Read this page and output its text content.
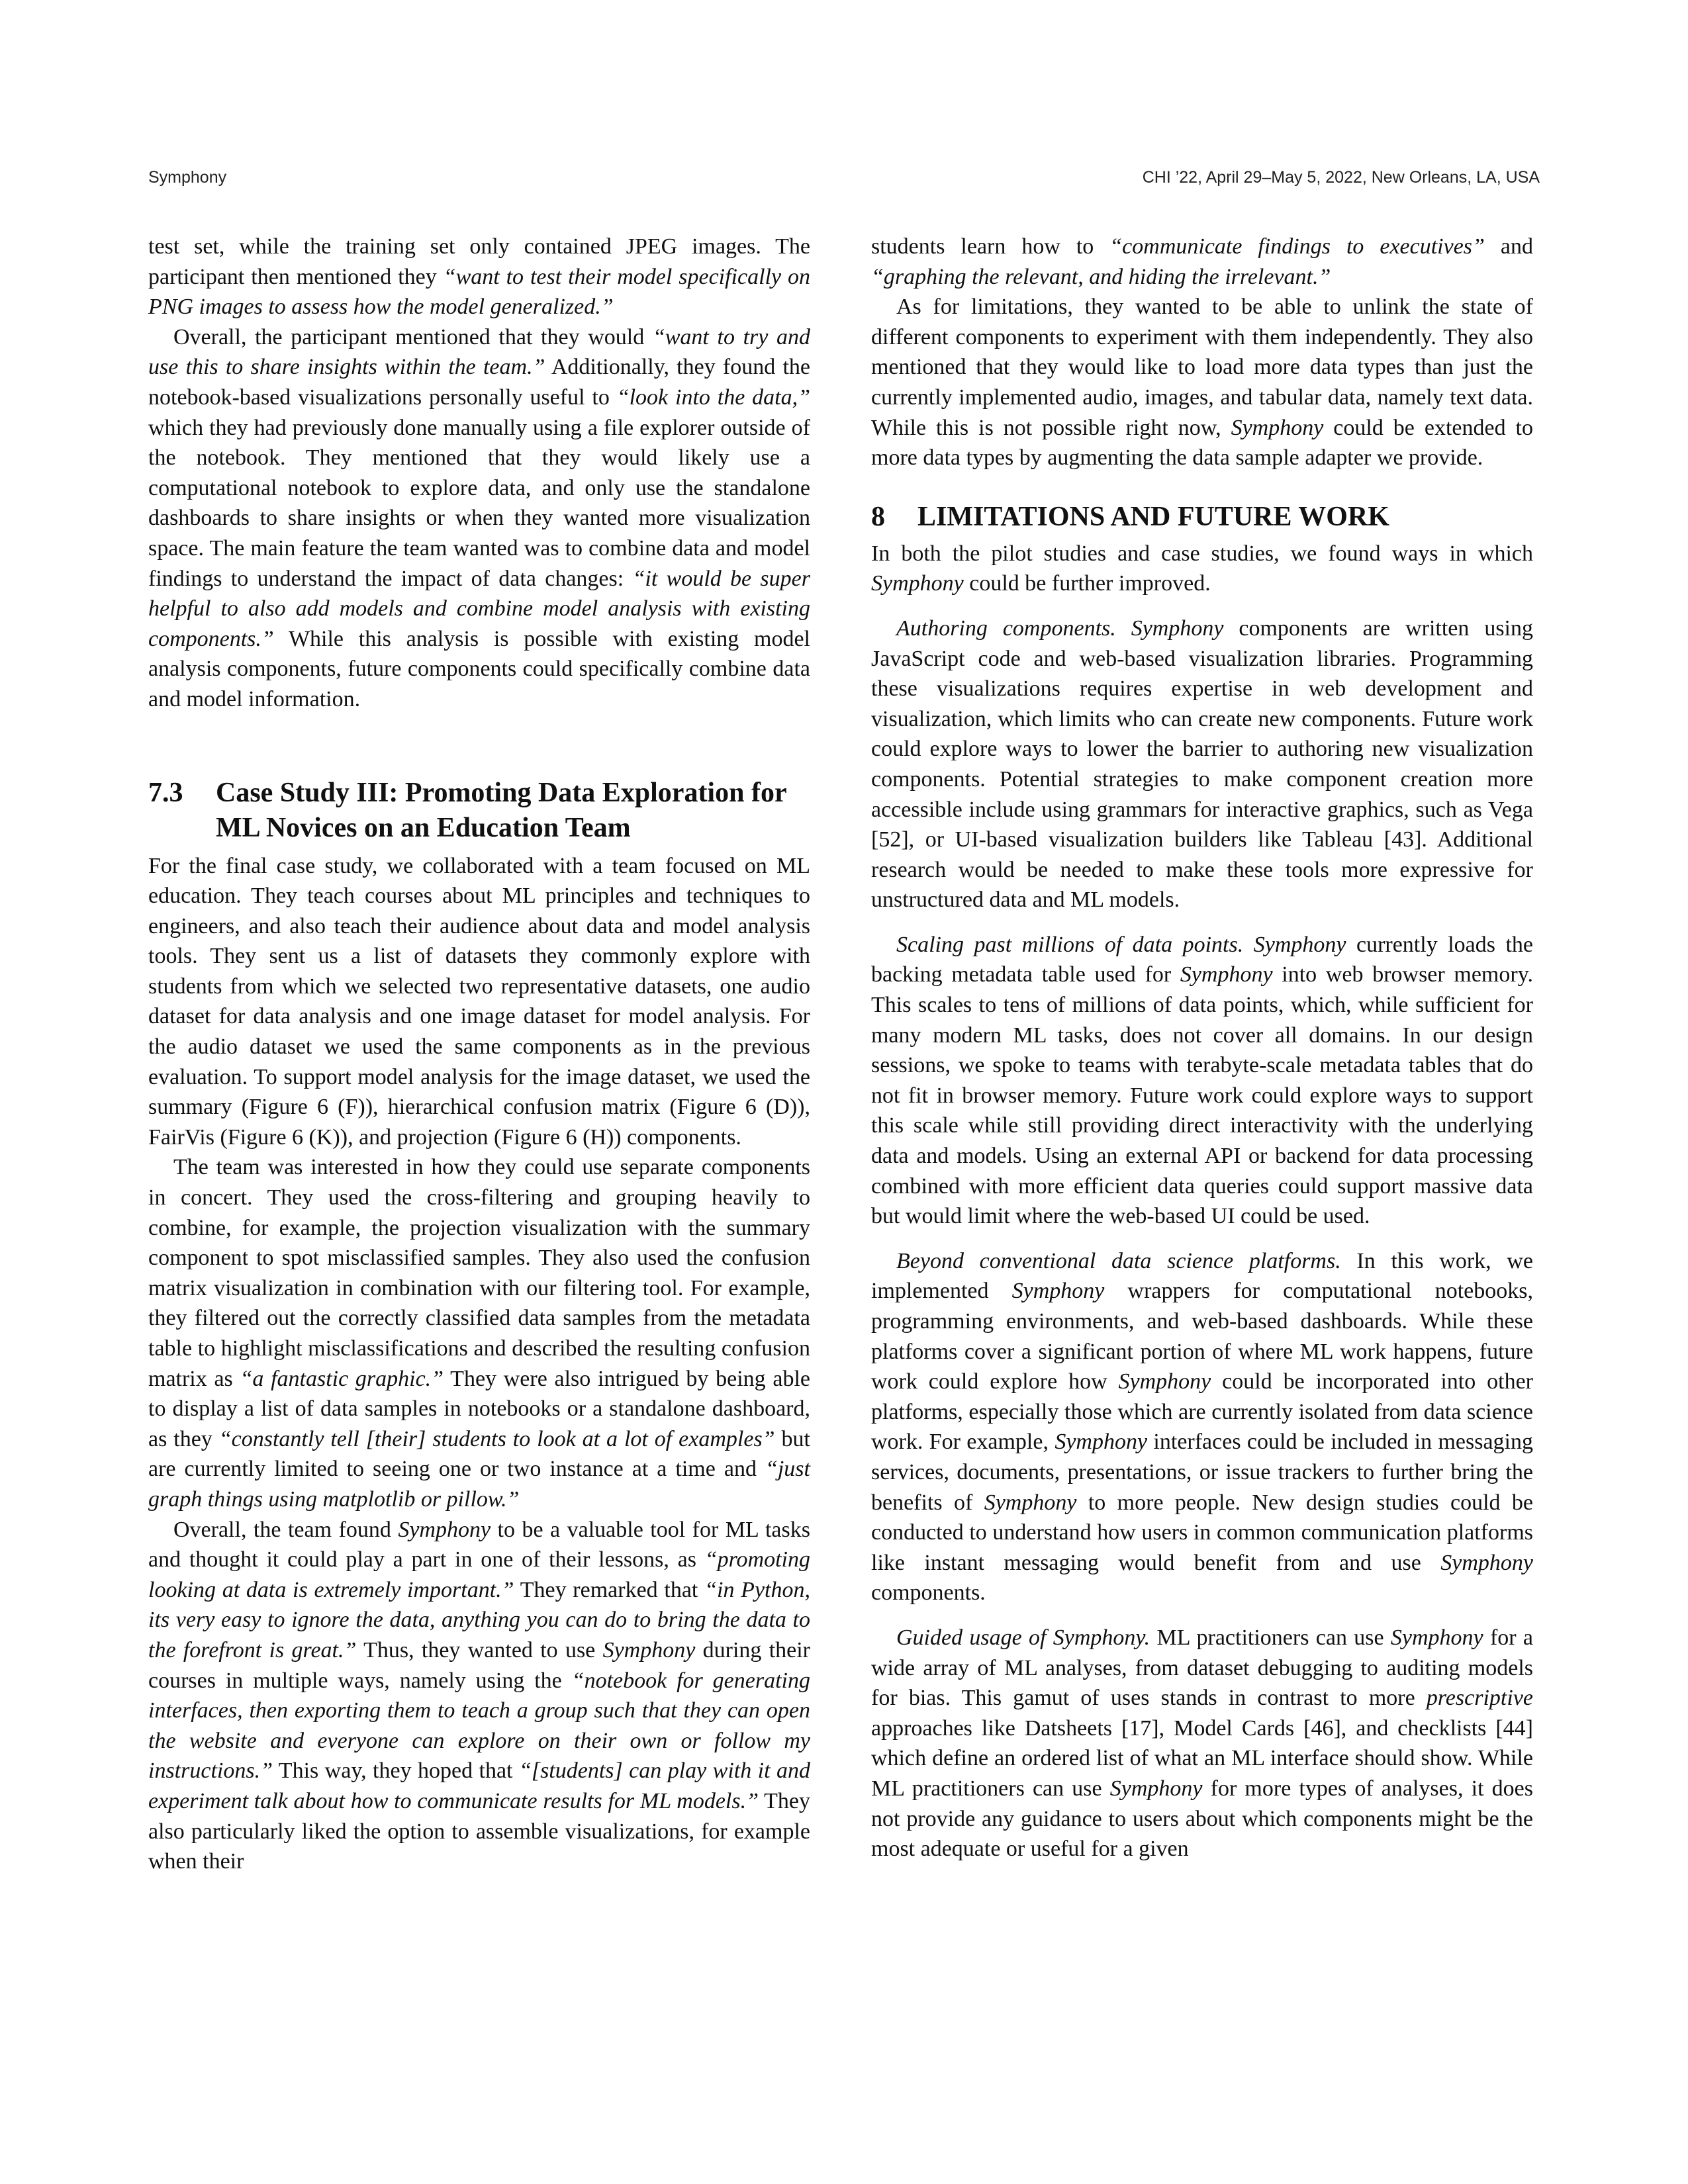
Symphony	CHI ’22, April 29–May 5, 2022, New Orleans, LA, USA

test set, while the training set only contained JPEG images. The participant then mentioned they “want to test their model specifically on PNG images to assess how the model generalized.”

Overall, the participant mentioned that they would “want to try and use this to share insights within the team.” Additionally, they found the notebook-based visualizations personally useful to “look into the data,” which they had previously done manually using a file explorer outside of the notebook. They mentioned that they would likely use a computational notebook to explore data, and only use the standalone dashboards to share insights or when they wanted more visualization space. The main feature the team wanted was to combine data and model findings to understand the impact of data changes: “it would be super helpful to also add models and combine model analysis with existing components.” While this analysis is possible with existing model analysis components, future components could specifically combine data and model information.

7.3	Case Study III: Promoting Data Exploration for ML Novices on an Education Team

For the final case study, we collaborated with a team focused on ML education. They teach courses about ML principles and techniques to engineers, and also teach their audience about data and model analysis tools. They sent us a list of datasets they commonly explore with students from which we selected two representative datasets, one audio dataset for data analysis and one image dataset for model analysis. For the audio dataset we used the same components as in the previous evaluation. To support model analysis for the image dataset, we used the summary (Figure 6 (F)), hierarchical confusion matrix (Figure 6 (D)), FairVis (Figure 6 (K)), and projection (Figure 6 (H)) components.

The team was interested in how they could use separate components in concert. They used the cross-filtering and grouping heavily to combine, for example, the projection visualization with the summary component to spot misclassified samples. They also used the confusion matrix visualization in combination with our filtering tool. For example, they filtered out the correctly classified data samples from the metadata table to highlight misclassifications and described the resulting confusion matrix as “a fantastic graphic.” They were also intrigued by being able to display a list of data samples in notebooks or a standalone dashboard, as they “constantly tell [their] students to look at a lot of examples” but are currently limited to seeing one or two instance at a time and “just graph things using matplotlib or pillow.”

Overall, the team found Symphony to be a valuable tool for ML tasks and thought it could play a part in one of their lessons, as “promoting looking at data is extremely important.” They remarked that “in Python, its very easy to ignore the data, anything you can do to bring the data to the forefront is great.” Thus, they wanted to use Symphony during their courses in multiple ways, namely using the “notebook for generating interfaces, then exporting them to teach a group such that they can open the website and everyone can explore on their own or follow my instructions.” This way, they hoped that “[students] can play with it and experiment talk about how to communicate results for ML models.” They also particularly liked the option to assemble visualizations, for example when their

students learn how to “communicate findings to executives” and “graphing the relevant, and hiding the irrelevant.”

As for limitations, they wanted to be able to unlink the state of different components to experiment with them independently. They also mentioned that they would like to load more data types than just the currently implemented audio, images, and tabular data, namely text data. While this is not possible right now, Symphony could be extended to more data types by augmenting the data sample adapter we provide.

8	LIMITATIONS AND FUTURE WORK

In both the pilot studies and case studies, we found ways in which Symphony could be further improved.

Authoring components. Symphony components are written using JavaScript code and web-based visualization libraries. Programming these visualizations requires expertise in web development and visualization, which limits who can create new components. Future work could explore ways to lower the barrier to authoring new visualization components. Potential strategies to make component creation more accessible include using grammars for interactive graphics, such as Vega [52], or UI-based visualization builders like Tableau [43]. Additional research would be needed to make these tools more expressive for unstructured data and ML models.

Scaling past millions of data points. Symphony currently loads the backing metadata table used for Symphony into web browser memory. This scales to tens of millions of data points, which, while sufficient for many modern ML tasks, does not cover all domains. In our design sessions, we spoke to teams with terabyte-scale metadata tables that do not fit in browser memory. Future work could explore ways to support this scale while still providing direct interactivity with the underlying data and models. Using an external API or backend for data processing combined with more efficient data queries could support massive data but would limit where the web-based UI could be used.

Beyond conventional data science platforms. In this work, we implemented Symphony wrappers for computational notebooks, programming environments, and web-based dashboards. While these platforms cover a significant portion of where ML work happens, future work could explore how Symphony could be incorporated into other platforms, especially those which are currently isolated from data science work. For example, Symphony interfaces could be included in messaging services, documents, presentations, or issue trackers to further bring the benefits of Symphony to more people. New design studies could be conducted to understand how users in common communication platforms like instant messaging would benefit from and use Symphony components.

Guided usage of Symphony. ML practitioners can use Symphony for a wide array of ML analyses, from dataset debugging to auditing models for bias. This gamut of uses stands in contrast to more prescriptive approaches like Datsheets [17], Model Cards [46], and checklists [44] which define an ordered list of what an ML interface should show. While ML practitioners can use Symphony for more types of analyses, it does not provide any guidance to users about which components might be the most adequate or useful for a given
